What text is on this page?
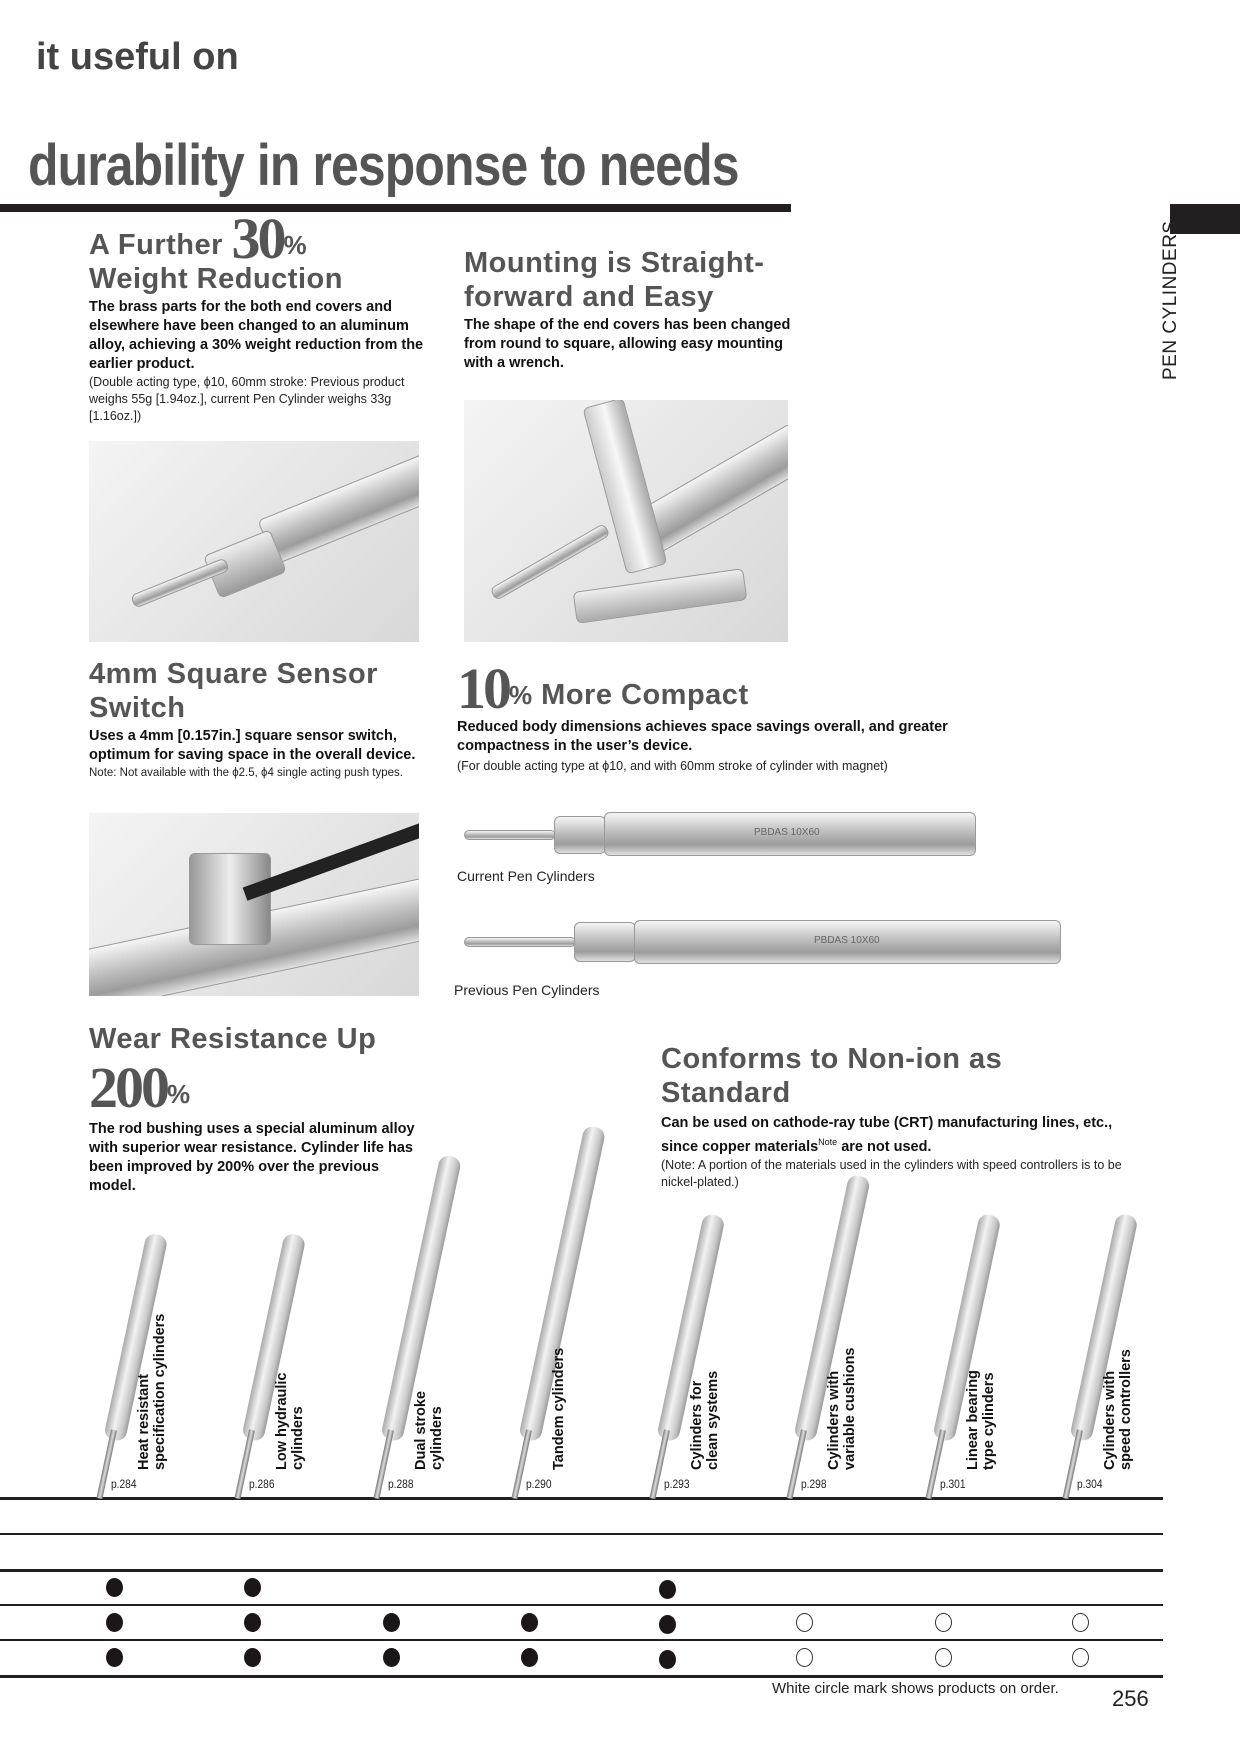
it useful on
durability in response to needs
PEN CYLINDERS
A Further 30%
Weight Reduction
The brass parts for the both end covers and elsewhere have been changed to an aluminum alloy, achieving a 30% weight reduction from the earlier product.
(Double acting type, ϕ10, 60mm stroke: Previous product weighs 55g [1.94oz.], current Pen Cylinder weighs 33g [1.16oz.])
Mounting is Straight-
forward and Easy
The shape of the end covers has been changed from round to square, allowing easy mounting with a wrench.
4mm Square Sensor
Switch
Uses a 4mm [0.157in.] square sensor switch, optimum for saving space in the overall device.
Note: Not available with the ϕ2.5, ϕ4 single acting push types.
10% More Compact
Reduced body dimensions achieves space savings overall, and greater compactness in the user’s device.
(For double acting type at ϕ10, and with 60mm stroke of cylinder with magnet)
PBDAS 10X60
Current Pen Cylinders
PBDAS 10X60
Previous Pen Cylinders
Wear Resistance Up
200%
The rod bushing uses a special aluminum alloy with superior wear resistance. Cylinder life has been improved by 200% over the previous model.
Conforms to Non-ion as Standard
Can be used on cathode-ray tube (CRT) manufacturing lines, etc., since copper materials$^{Note}$ are not used.
(Note: A portion of the materials used in the cylinders with speed controllers is to be nickel-plated.)
Heat resistant specification cylinders
p.284
Low hydraulic cylinders
p.286
Dual stroke cylinders
p.288
Tandem cylinders
p.290
Cylinders for clean systems
p.293
Cylinders with variable cushions
p.298
Linear bearing type cylinders
p.301
Cylinders with speed controllers
p.304
White circle mark shows products on order. 256
